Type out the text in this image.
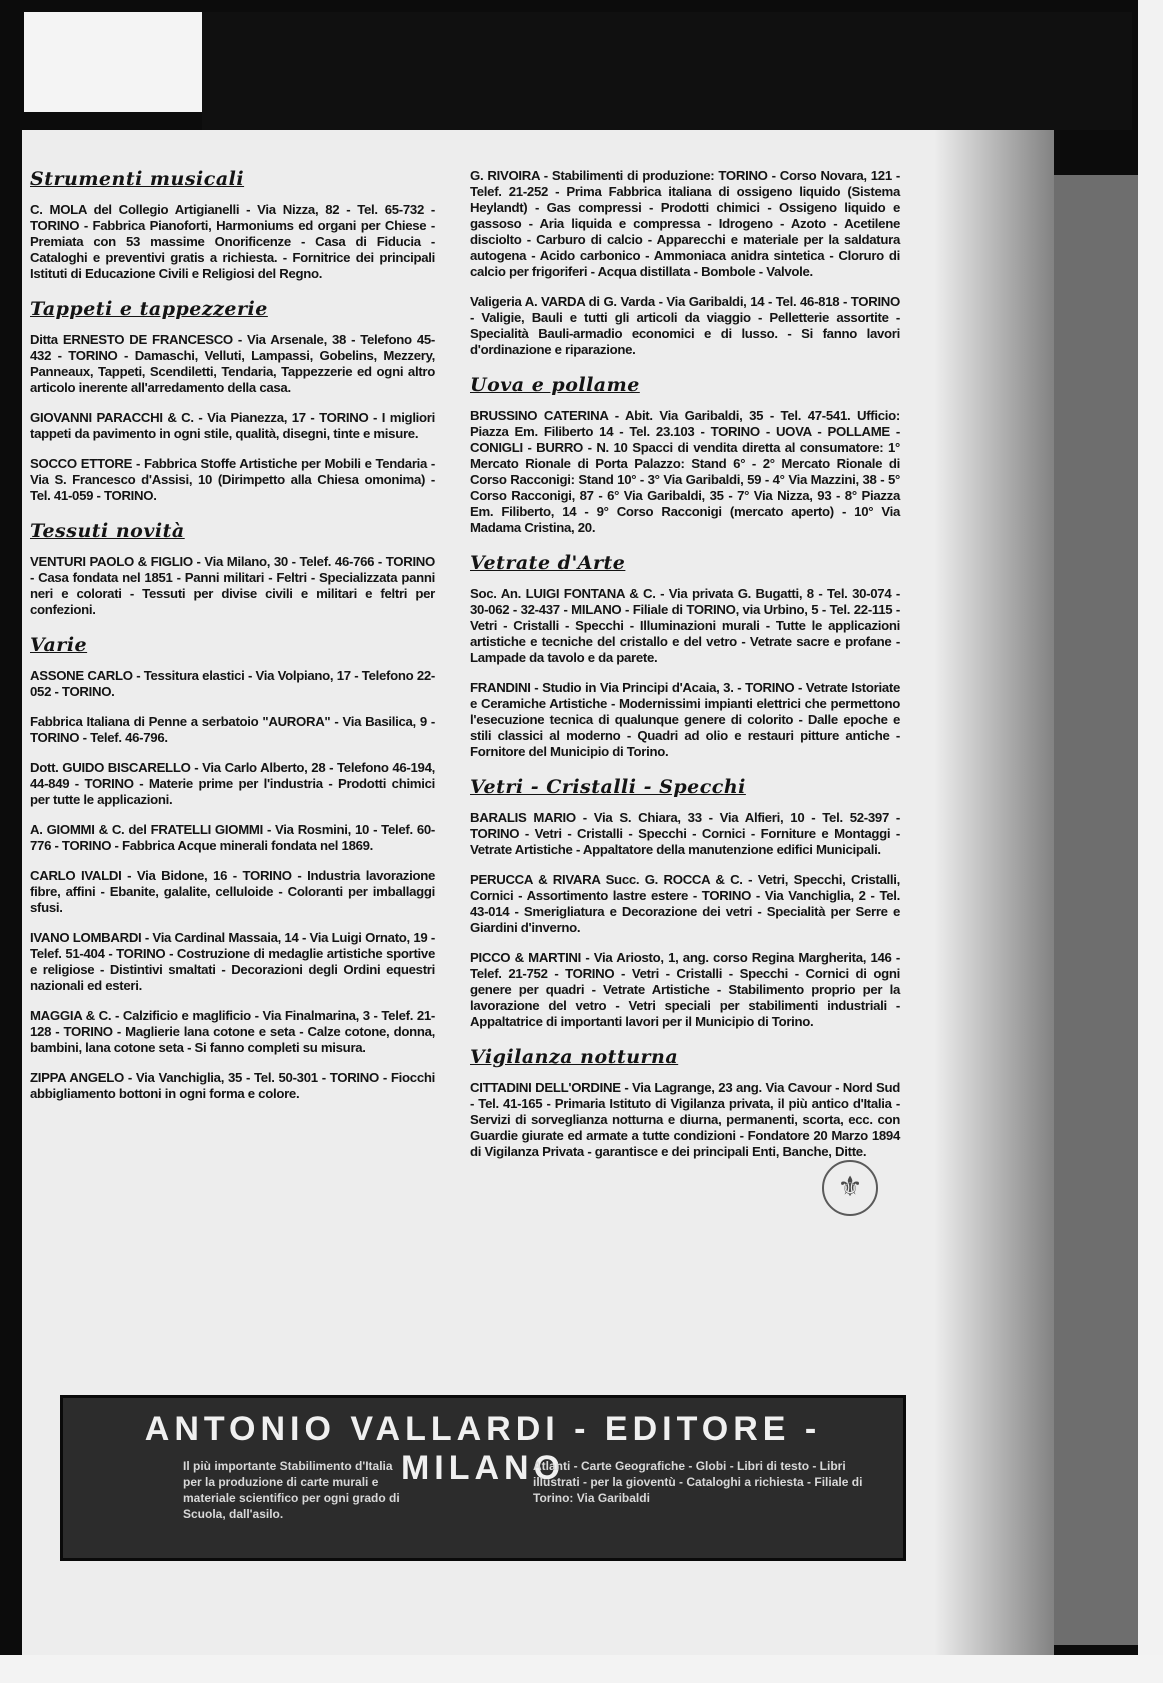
Strumenti musicali
C. MOLA del Collegio Artigianelli - Via Nizza, 82 - Tel. 65-732 - TORINO - Fabbrica Pianoforti, Harmoniums ed organi per Chiese - Premiata con 53 massime Onorificenze - Casa di Fiducia - Cataloghi e preventivi gratis a richiesta. - Fornitrice dei principali Istituti di Educazione Civili e Religiosi del Regno.
Tappeti e tappezzerie
Ditta ERNESTO DE FRANCESCO - Via Arsenale, 38 - Telefono 45-432 - TORINO - Damaschi, Velluti, Lampassi, Gobelins, Mezzery, Panneaux, Tappeti, Scendiletti, Tendaria, Tappezzerie ed ogni altro articolo inerente all'arredamento della casa.
GIOVANNI PARACCHI & C. - Via Pianezza, 17 - TORINO - I migliori tappeti da pavimento in ogni stile, qualità, disegni, tinte e misure.
SOCCO ETTORE - Fabbrica Stoffe Artistiche per Mobili e Tendaria - Via S. Francesco d'Assisi, 10 (Dirimpetto alla Chiesa omonima) - Tel. 41-059 - TORINO.
Tessuti novità
VENTURI PAOLO & FIGLIO - Via Milano, 30 - Telef. 46-766 - TORINO - Casa fondata nel 1851 - Panni militari - Feltri - Specializzata panni neri e colorati - Tessuti per divise civili e militari e feltri per confezioni.
Varie
ASSONE CARLO - Tessitura elastici - Via Volpiano, 17 - Telefono 22-052 - TORINO.
Fabbrica Italiana di Penne a serbatoio "AURORA" - Via Basilica, 9 - TORINO - Telef. 46-796.
Dott. GUIDO BISCARELLO - Via Carlo Alberto, 28 - Telefono 46-194, 44-849 - TORINO - Materie prime per l'industria - Prodotti chimici per tutte le applicazioni.
A. GIOMMI & C. del FRATELLI GIOMMI - Via Rosmini, 10 - Telef. 60-776 - TORINO - Fabbrica Acque minerali fondata nel 1869.
CARLO IVALDI - Via Bidone, 16 - TORINO - Industria lavorazione fibre, affini - Ebanite, galalite, celluloide - Coloranti per imballaggi sfusi.
IVANO LOMBARDI - Via Cardinal Massaia, 14 - Via Luigi Ornato, 19 - Telef. 51-404 - TORINO - Costruzione di medaglie artistiche sportive e religiose - Distintivi smaltati - Decorazioni degli Ordini equestri nazionali ed esteri.
MAGGIA & C. - Calzificio e maglificio - Via Finalmarina, 3 - Telef. 21-128 - TORINO - Maglierie lana cotone e seta - Calze cotone, donna, bambini, lana cotone seta - Si fanno completi su misura.
ZIPPA ANGELO - Via Vanchiglia, 35 - Tel. 50-301 - TORINO - Fiocchi abbigliamento bottoni in ogni forma e colore.
G. RIVOIRA - Stabilimenti di produzione: TORINO - Corso Novara, 121 - Telef. 21-252 - Prima Fabbrica italiana di ossigeno liquido (Sistema Heylandt) - Gas compressi - Prodotti chimici - Ossigeno liquido e gassoso - Aria liquida e compressa - Idrogeno - Azoto - Acetilene disciolto - Carburo di calcio - Apparecchi e materiale per la saldatura autogena - Acido carbonico - Ammoniaca anidra sintetica - Cloruro di calcio per frigoriferi - Acqua distillata - Bombole - Valvole.
Valigeria A. VARDA di G. Varda - Via Garibaldi, 14 - Tel. 46-818 - TORINO - Valigie, Bauli e tutti gli articoli da viaggio - Pelletterie assortite - Specialità Bauli-armadio economici e di lusso. - Si fanno lavori d'ordinazione e riparazione.
Uova e pollame
BRUSSINO CATERINA - Abit. Via Garibaldi, 35 - Tel. 47-541. Ufficio: Piazza Em. Filiberto 14 - Tel. 23.103 - TORINO - UOVA - POLLAME - CONIGLI - BURRO - N. 10 Spacci di vendita diretta al consumatore: 1° Mercato Rionale di Porta Palazzo: Stand 6° - 2° Mercato Rionale di Corso Racconigi: Stand 10° - 3° Via Garibaldi, 59 - 4° Via Mazzini, 38 - 5° Corso Racconigi, 87 - 6° Via Garibaldi, 35 - 7° Via Nizza, 93 - 8° Piazza Em. Filiberto, 14 - 9° Corso Racconigi (mercato aperto) - 10° Via Madama Cristina, 20.
Vetrate d'Arte
Soc. An. LUIGI FONTANA & C. - Via privata G. Bugatti, 8 - Tel. 30-074 - 30-062 - 32-437 - MILANO - Filiale di TORINO, via Urbino, 5 - Tel. 22-115 - Vetri - Cristalli - Specchi - Illuminazioni murali - Tutte le applicazioni artistiche e tecniche del cristallo e del vetro - Vetrate sacre e profane - Lampade da tavolo e da parete.
FRANDINI - Studio in Via Principi d'Acaia, 3. - TORINO - Vetrate Istoriate e Ceramiche Artistiche - Modernissimi impianti elettrici che permettono l'esecuzione tecnica di qualunque genere di colorito - Dalle epoche e stili classici al moderno - Quadri ad olio e restauri pitture antiche - Fornitore del Municipio di Torino.
Vetri - Cristalli - Specchi
BARALIS MARIO - Via S. Chiara, 33 - Via Alfieri, 10 - Tel. 52-397 - TORINO - Vetri - Cristalli - Specchi - Cornici - Forniture e Montaggi - Vetrate Artistiche - Appaltatore della manutenzione edifici Municipali.
PERUCCA & RIVARA Succ. G. ROCCA & C. - Vetri, Specchi, Cristalli, Cornici - Assortimento lastre estere - TORINO - Via Vanchiglia, 2 - Tel. 43-014 - Smerigliatura e Decorazione dei vetri - Specialità per Serre e Giardini d'inverno.
PICCO & MARTINI - Via Ariosto, 1, ang. corso Regina Margherita, 146 - Telef. 21-752 - TORINO - Vetri - Cristalli - Specchi - Cornici di ogni genere per quadri - Vetrate Artistiche - Stabilimento proprio per la lavorazione del vetro - Vetri speciali per stabilimenti industriali - Appaltatrice di importanti lavori per il Municipio di Torino.
Vigilanza notturna
CITTADINI DELL'ORDINE - Via Lagrange, 23 ang. Via Cavour - Nord Sud - Tel. 41-165 - Primaria Istituto di Vigilanza privata, il più antico d'Italia - Servizi di sorveglianza notturna e diurna, permanenti, scorta, ecc. con Guardie giurate ed armate a tutte condizioni - Fondatore 20 Marzo 1894 di Vigilanza Privata - garantisce e dei principali Enti, Banche, Ditte.
⚜
ANTONIO VALLARDI - EDITORE - MILANO
Il più importante Stabilimento d'Italia per la produzione di carte murali e materiale scientifico per ogni grado di Scuola, dall'asilo.
Atlanti - Carte Geografiche - Globi - Libri di testo - Libri illustrati - per la gioventù - Cataloghi a richiesta - Filiale di Torino: Via Garibaldi
